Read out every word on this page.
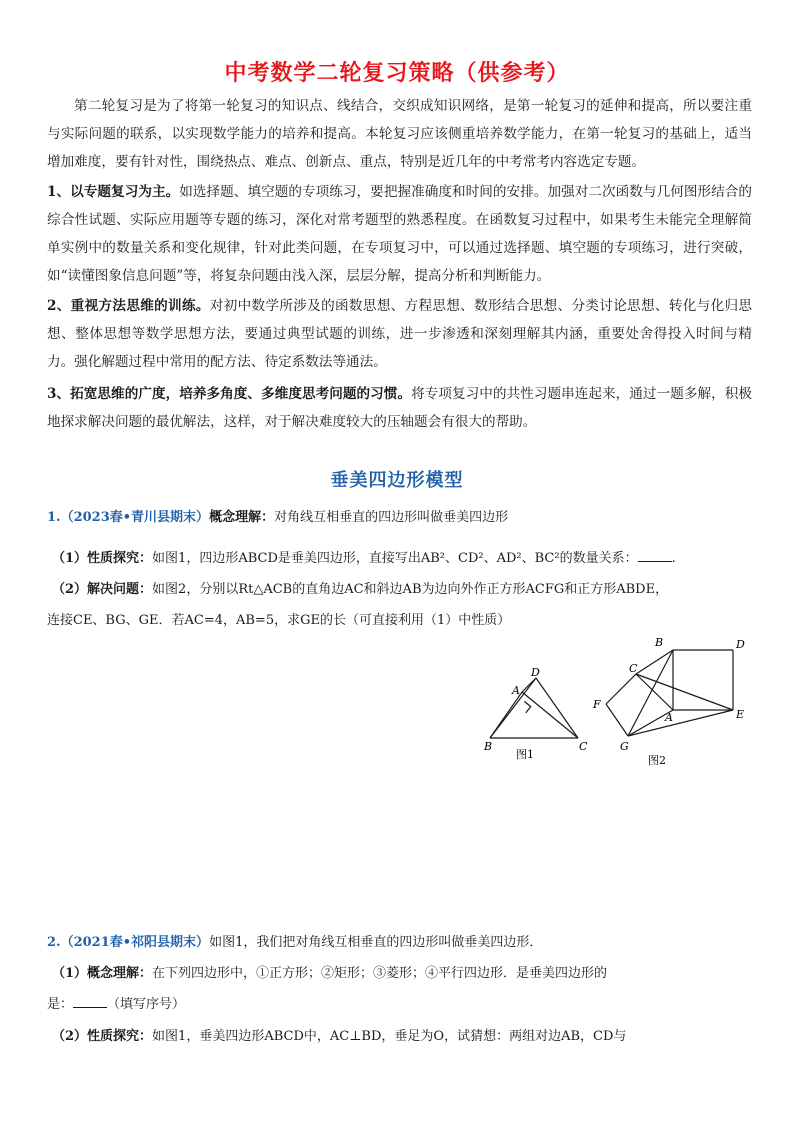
中考数学二轮复习策略（供参考）

第二轮复习是为了将第一轮复习的知识点、线结合，交织成知识网络，是第一轮复习的延伸和提高，所以要注重与实际问题的联系，以实现数学能力的培养和提高。本轮复习应该侧重培养数学能力，在第一轮复习的基础上，适当增加难度，要有针对性，围绕热点、难点、创新点、重点，特别是近几年的中考常考内容选定专题。

1、以专题复习为主。如选择题、填空题的专项练习，要把握准确度和时间的安排。加强对二次函数与几何图形结合的综合性试题、实际应用题等专题的练习，深化对常考题型的熟悉程度。在函数复习过程中，如果考生未能完全理解简单实例中的数量关系和变化规律，针对此类问题，在专项复习中，可以通过选择题、填空题的专项练习，进行突破，如“读懂图象信息问题”等，将复杂问题由浅入深，层层分解，提高分析和判断能力。

2、重视方法思维的训练。对初中数学所涉及的函数思想、方程思想、数形结合思想、分类讨论思想、转化与化归思想、整体思想等数学思想方法，要通过典型试题的训练，进一步渗透和深刻理解其内涵，重要处舍得投入时间与精力。强化解题过程中常用的配方法、待定系数法等通法。

3、拓宽思维的广度，培养多角度、多维度思考问题的习惯。将专项复习中的共性习题串连起来，通过一题多解，积极地探求解决问题的最优解法，这样，对于解决难度较大的压轴题会有很大的帮助。

垂美四边形模型

1.（2023春•青川县期末）概念理解：对角线互相垂直的四边形叫做垂美四边形

（1）性质探究：如图1，四边形ABCD是垂美四边形，直接写出AB²、CD²、AD²、BC²的数量关系：	.

（2）解决问题：如图2，分别以Rt△ACB的直角边AC和斜边AB为边向外作正方形ACFG和正方形ABDE，

连接CE、BG、GE．若AC=4，AB=5，求GE的长（可直接利用（1）中性质）

A
B	C
D
图1
B	D
C
F
A	E
G
图2

2.（2021春•祁阳县期末）如图1，我们把对角线互相垂直的四边形叫做垂美四边形．

（1）概念理解：在下列四边形中，①正方形；②矩形；③菱形；④平行四边形．是垂美四边形的

是：	（填写序号）

（2）性质探究：如图1，垂美四边形ABCD中，AC⊥BD，垂足为O，试猜想：两组对边AB，CD与
